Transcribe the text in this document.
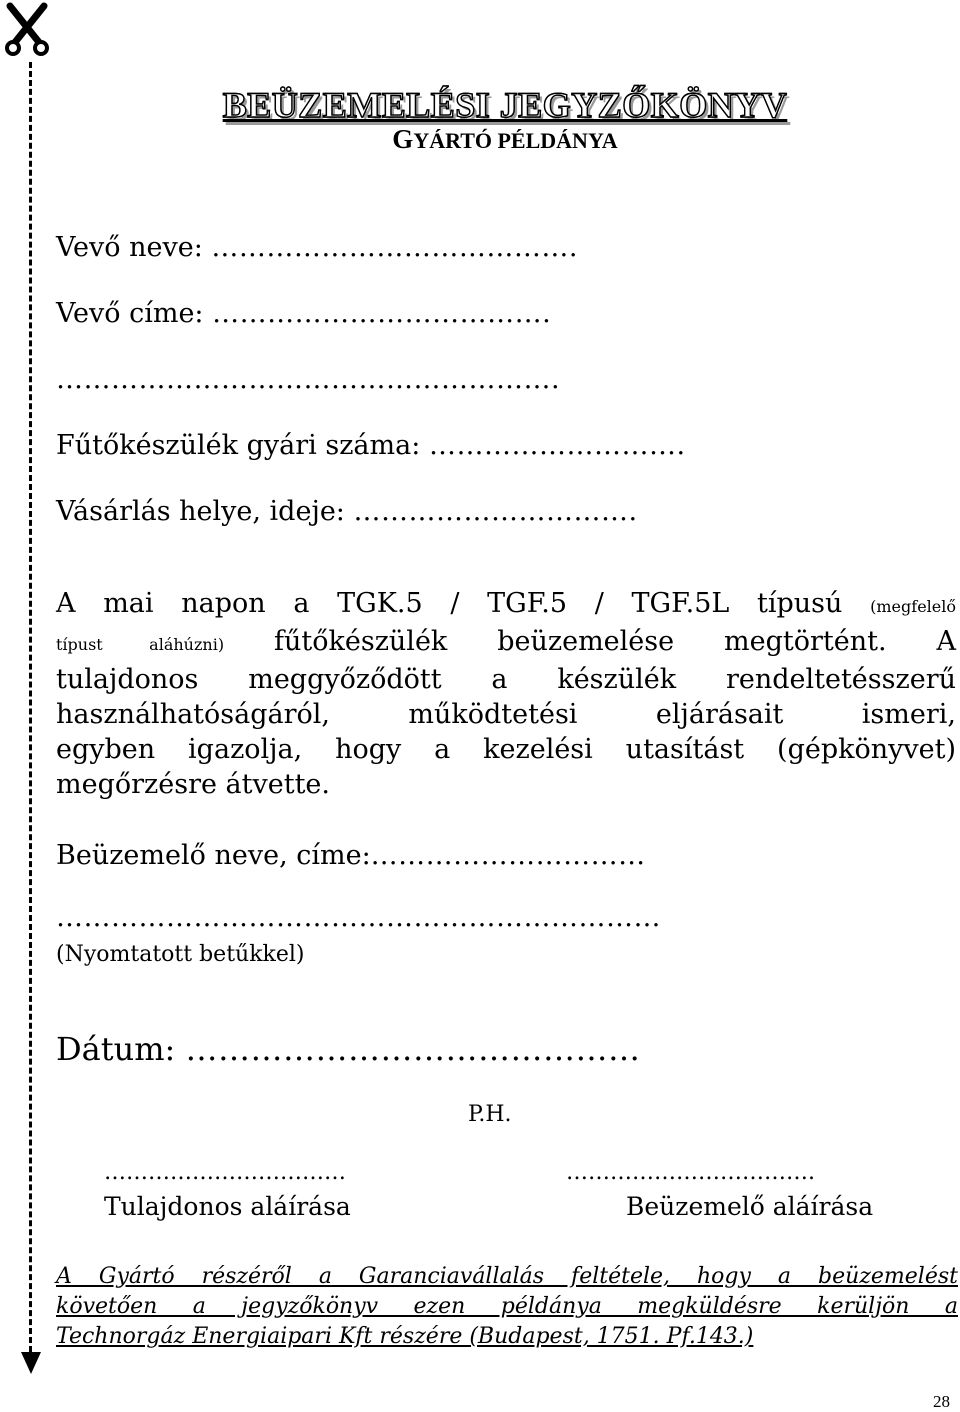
BEÜZEMELÉSI JEGYZŐKÖNYV
GYÁRTÓ PÉLDÁNYA
Vevő neve: ………………………………….
Vevő címe: ……………………………….
……………………………………………….
Fűtőkészülék gyári száma: ……………………….
Vásárlás helye, ideje: ………………………….
A mai napon a TGK.5 / TGF.5 / TGF.5L típusú (megfelelő
típust aláhúzni) fűtőkészülék beüzemelése megtörtént. A
tulajdonos meggyőződött a készülék rendeltetésszerű
használhatóságáról, működtetési eljárásait ismeri,
egyben igazolja, hogy a kezelési utasítást (gépkönyvet)
megőrzésre átvette.
Beüzemelő neve, címe:…………………………
…………………………………………………………
(Nyomtatott betűkkel)
Dátum: ……………………………………
P.H.
……………………………
Tulajdonos aláírása
…………………………….
Beüzemelő aláírása
A Gyártó részéről a Garanciavállalás feltétele, hogy a beüzemelést
követően a jegyzőkönyv ezen példánya megküldésre kerüljön a
Technorgáz Energiaipari Kft részére (Budapest, 1751. Pf.143.)
28
